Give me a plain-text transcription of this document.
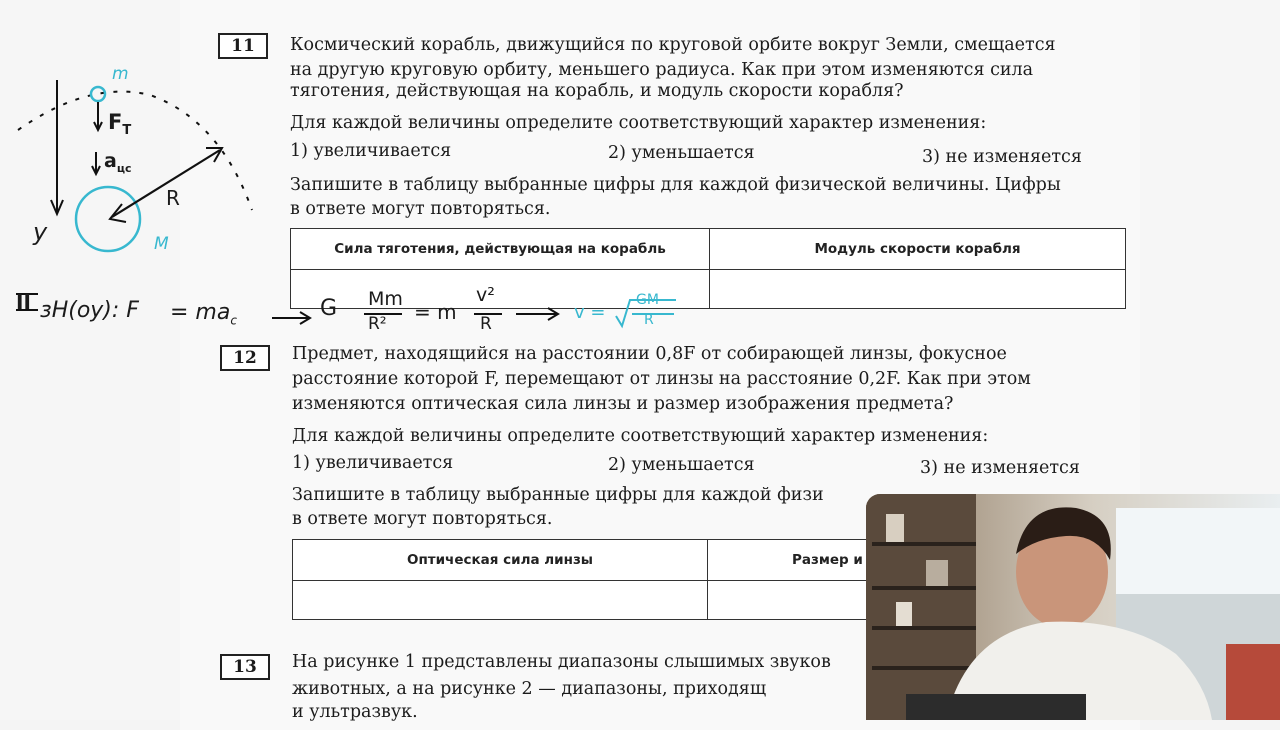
11	Космический корабль, движущийся по круговой орбите вокруг Земли, смещается
на другую круговую орбиту, меньшего радиуса. Как при этом изменяются сила
тяготения, действующая на корабль, и модуль скорости корабля?
Для каждой величины определите соответствующий характер изменения:
1) увеличивается	2) уменьшается	3) не изменяется
Запишите в таблицу выбранные цифры для каждой физической величины. Цифры
в ответе могут повторяться.
Сила тяготения, действующая на корабль	Модуль скорости корабля

12	Предмет, находящийся на расстоянии 0,8F от собирающей линзы, фокусное
расстояние которой F, перемещают от линзы на расстояние 0,2F. Как при этом
изменяются оптическая сила линзы и размер изображения предмета?
Для каждой величины определите соответствующий характер изменения:
1) увеличивается	2) уменьшается	3) не изменяется
Запишите в таблицу выбранные цифры для каждой физи
в ответе могут повторяться.
Оптическая сила линзы	Размер и

13	На рисунке 1 представлены диапазоны слышимых звуков
животных, а на рисунке 2 — диапазоны, приходящ
и ультразвук.
m
$F_T$
$a_{цс}$
R
y	M
II зН(оу): $F = ma_c$	G Mm
R² = m
v²
R
v =
GM
R
